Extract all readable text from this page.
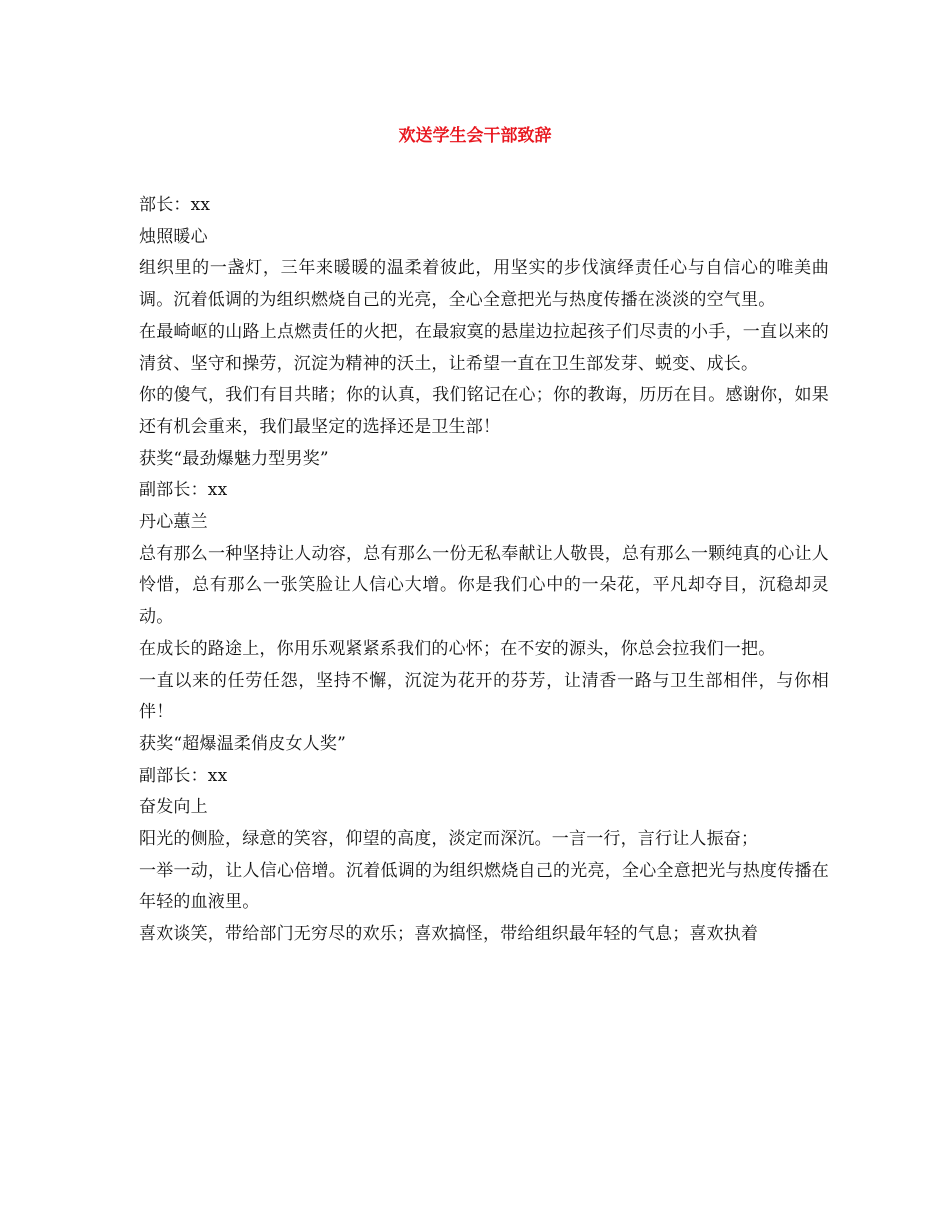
欢送学生会干部致辞

部长：xx

烛照暖心

组织里的一盏灯，三年来暖暖的温柔着彼此，用坚实的步伐演绎责任心与自信心的唯美曲调。沉着低调的为组织燃烧自己的光亮，全心全意把光与热度传播在淡淡的空气里。

在最崎岖的山路上点燃责任的火把，在最寂寞的悬崖边拉起孩子们尽责的小手，一直以来的清贫、坚守和操劳，沉淀为精神的沃土，让希望一直在卫生部发芽、蜕变、成长。

你的傻气，我们有目共睹；你的认真，我们铭记在心；你的教诲，历历在目。感谢你，如果还有机会重来，我们最坚定的选择还是卫生部！

获奖“最劲爆魅力型男奖”

副部长：xx

丹心蕙兰

总有那么一种坚持让人动容，总有那么一份无私奉献让人敬畏，总有那么一颗纯真的心让人怜惜，总有那么一张笑脸让人信心大增。你是我们心中的一朵花，平凡却夺目，沉稳却灵动。

在成长的路途上，你用乐观紧紧系我们的心怀；在不安的源头，你总会拉我们一把。

一直以来的任劳任怨，坚持不懈，沉淀为花开的芬芳，让清香一路与卫生部相伴，与你相伴！

获奖“超爆温柔俏皮女人奖”

副部长：xx

奋发向上

阳光的侧脸，绿意的笑容，仰望的高度，淡定而深沉。一言一行，言行让人振奋；

一举一动，让人信心倍增。沉着低调的为组织燃烧自己的光亮，全心全意把光与热度传播在年轻的血液里。

喜欢谈笑，带给部门无穷尽的欢乐；喜欢搞怪，带给组织最年轻的气息；喜欢执着
